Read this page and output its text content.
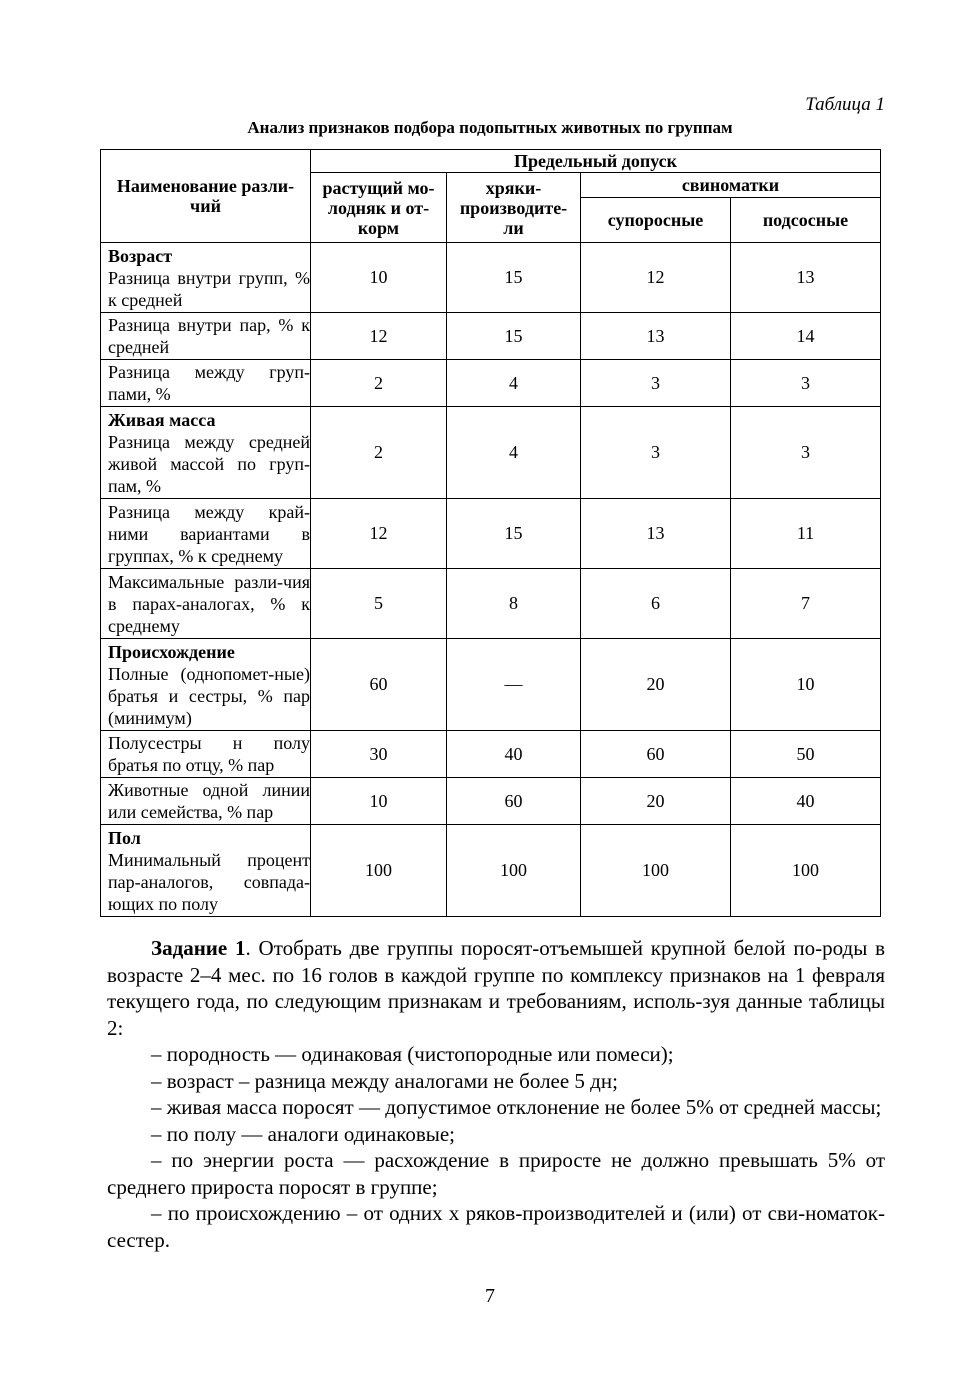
Таблица 1
Анализ признаков подбора подопытных животных по группам
Наименование разли-чий	Предельный допуск			
	растущий мо-лодняк и от-корм	хряки-производите-ли	свиноматки	
			супоросные	подсосные

Возраст
Разница внутри групп, % к средней	10	15	12	13
Разница внутри пар, % к средней	12	15	13	14
Разница между груп-пами, %	2	4	3	3

Живая масса
Разница между средней живой массой по груп-пам, %	2	4	3	3
Разница между край-ними вариантами в группах, % к среднему	12	15	13	11
Максимальные разли-чия в парах-аналогах, % к среднему	5	8	6	7

Происхождение
Полные (однопомет-ные) братья и сестры, % пар (минимум)	60	—	20	10
Полусестры н полу братья по отцу, % пар	30	40	60	50
Животные одной линии или семейства, % пар	10	60	20	40

Пол
Минимальный процент пар-аналогов, совпада-ющих по полу	100	100	100	100

Задание 1. Отобрать две группы поросят-отъемышей крупной белой по-роды в возрасте 2–4 мес. по 16 голов в каждой группе по комплексу признаков на 1 февраля текущего года, по следующим признакам и требованиям, исполь-зуя данные таблицы 2:

– породность — одинаковая (чистопородные или помеси);

– возраст – разница между аналогами не более 5 дн;

– живая масса поросят — допустимое отклонение не более 5% от средней массы;

– по полу — аналоги одинаковые;

– по энергии роста — расхождение в приросте не должно превышать 5% от среднего прироста поросят в группе;

– по происхождению – от одних х ряков-производителей и (или) от сви-номаток-сестер.

7
